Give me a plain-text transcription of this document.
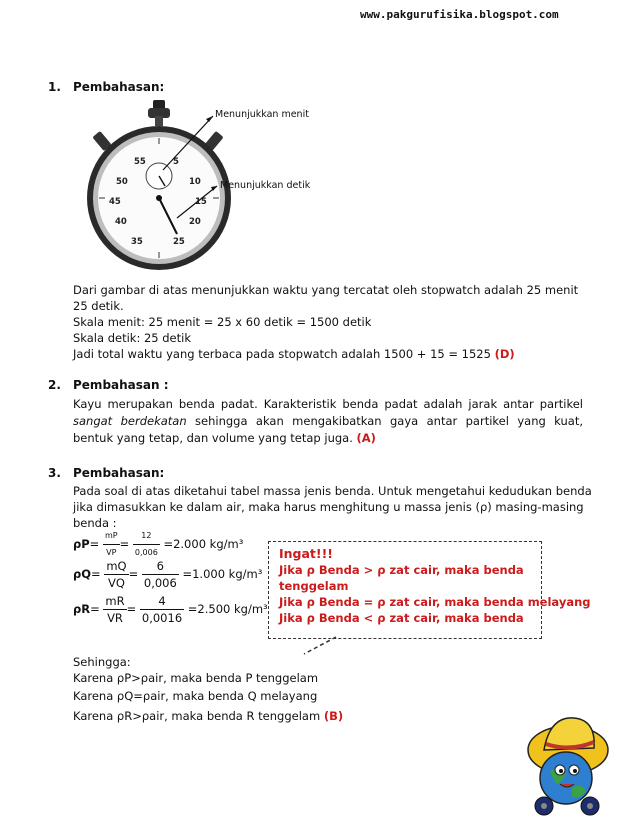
www.pakgurufisika.blogspot.com
1. Pembahasan:
55	5
50	10
45	15
40	20
35	25
Menunjukkan menit
Menunjukkan detik
Dari gambar di atas menunjukkan waktu yang tercatat oleh stopwatch adalah 25 menit
25 detik.
Skala menit: 25 menit = 25 x 60 detik = 1500 detik
Skala detik: 25 detik
Jadi total waktu yang terbaca pada stopwatch adalah 1500 + 15 = 1525 (D)
2. Pembahasan :
Kayu merupakan benda padat. Karakteristik benda padat adalah jarak antar partikel sangat berdekatan sehingga akan mengakibatkan gaya antar partikel yang kuat, bentuk yang tetap, dan volume yang tetap juga. (A)
3. Pembahasan:
Pada soal di atas diketahui tabel massa jenis benda. Untuk mengetahui kedudukan benda
jika dimasukkan ke dalam air, maka harus menghitung u massa jenis (ρ) masing-masing
benda :
$\rho P= \frac{mP}{VP} = \frac{12}{0,006} =2.000$ kg/m³
$\rho Q= \frac{mQ}{VQ} = \frac{6}{0,006} =1.000$ kg/m³
$\rho R= \frac{mR}{VR} = \frac{4}{0,0016} =2.500$ kg/m³
Ingat!!!
Jika ρ Benda > ρ zat cair, maka benda
tenggelam
Jika ρ Benda = ρ zat cair, maka benda melayang
Jika ρ Benda < ρ zat cair, maka benda
Sehingga:
Karena ρP>ρair, maka benda P tenggelam
Karena ρQ=ρair, maka benda Q melayang
Karena ρR>ρair, maka benda R tenggelam (B)
